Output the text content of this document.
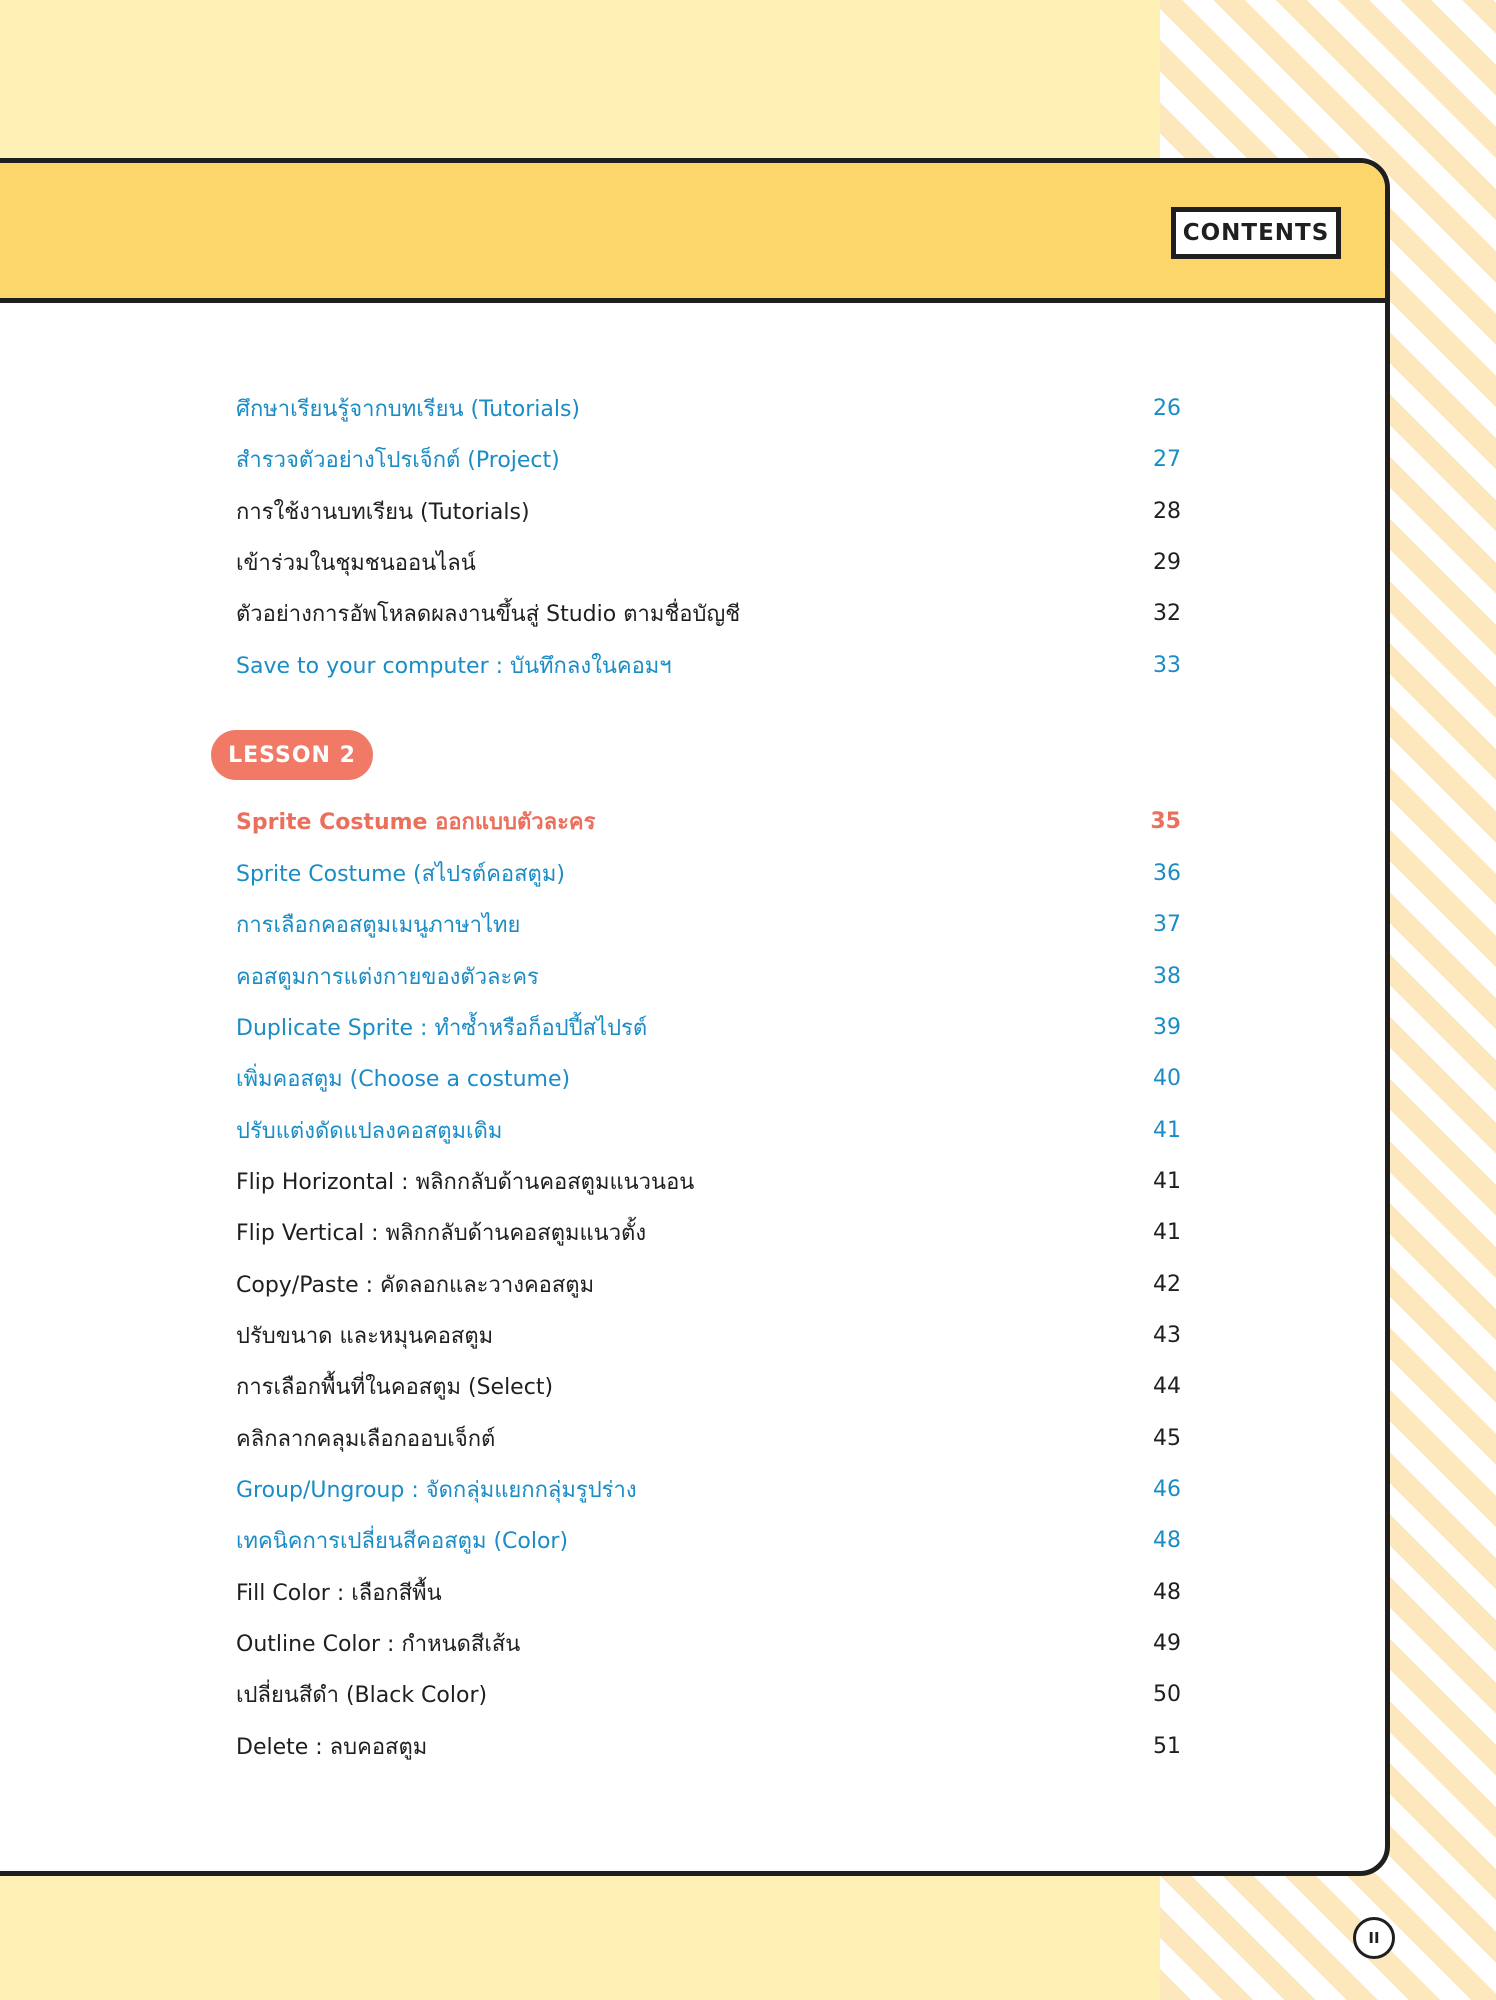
CONTENTS
LESSON 2
ศึกษาเรียนรู้จากบทเรียน (Tutorials)	26
สำรวจตัวอย่างโปรเจ็กต์ (Project)	27
การใช้งานบทเรียน (Tutorials)	28
เข้าร่วมในชุมชนออนไลน์	29
ตัวอย่างการอัพโหลดผลงานขึ้นสู่ Studio ตามชื่อบัญชี	32
Save to your computer : บันทึกลงในคอมฯ	33
Sprite Costume ออกแบบตัวละคร	35
Sprite Costume (สไปรต์คอสตูม)	36
การเลือกคอสตูมเมนูภาษาไทย	37
คอสตูมการแต่งกายของตัวละคร	38
Duplicate Sprite : ทำซ้ำหรือก็อปปี้สไปรต์	39
เพิ่มคอสตูม (Choose a costume)	40
ปรับแต่งดัดแปลงคอสตูมเดิม	41
Flip Horizontal : พลิกกลับด้านคอสตูมแนวนอน	41
Flip Vertical : พลิกกลับด้านคอสตูมแนวตั้ง	41
Copy/Paste : คัดลอกและวางคอสตูม	42
ปรับขนาด และหมุนคอสตูม	43
การเลือกพื้นที่ในคอสตูม (Select)	44
คลิกลากคลุมเลือกออบเจ็กต์	45
Group/Ungroup : จัดกลุ่มแยกกลุ่มรูปร่าง	46
เทคนิคการเปลี่ยนสีคอสตูม (Color)	48
Fill Color : เลือกสีพื้น	48
Outline Color : กำหนดสีเส้น	49
เปลี่ยนสีดำ (Black Color)	50
Delete : ลบคอสตูม	51
II
